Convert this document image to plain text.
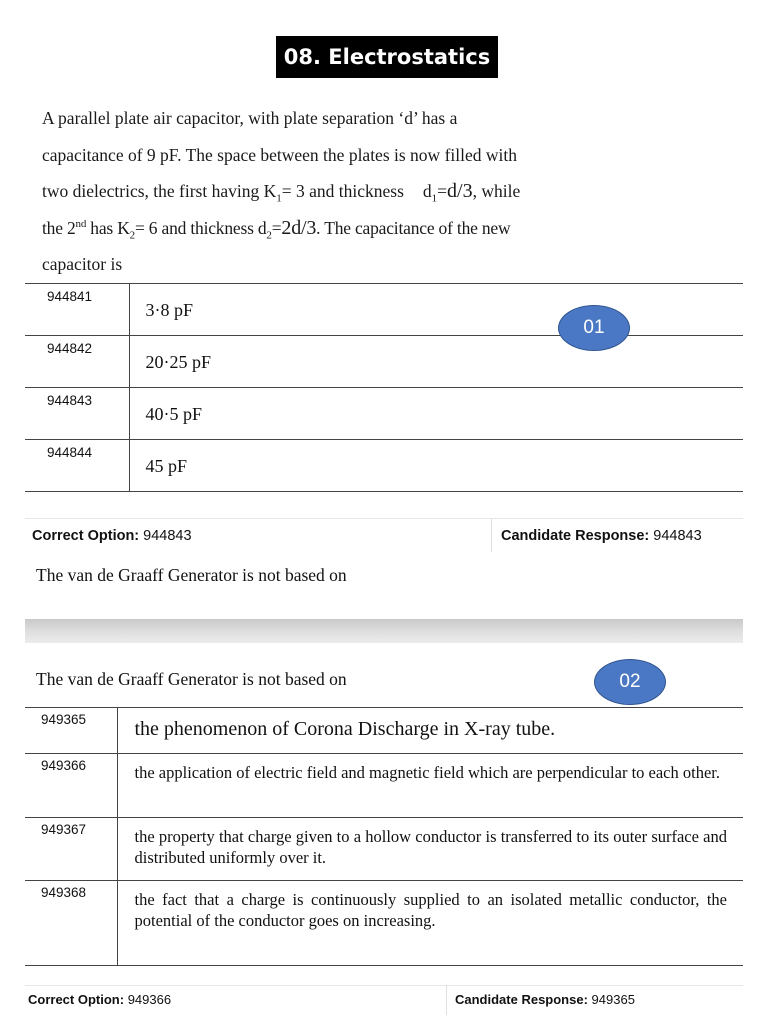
08. Electrostatics
A parallel plate air capacitor, with plate separation ‘d’ has a
capacitance of 9 pF. The space between the plates is now filled with
two dielectrics, the first having $K_1= 3$ and thickness $d_1=d/3$, while
the 2nd has $K_2= 6$ and thickness $d_2=2d/3$. The capacitance of the new
capacitor is
944841	3·8 pF
944842	20·25 pF
944843	40·5 pF
944844	45 pF
01
Correct Option: 944843	Candidate Response: 944843
The van de Graaff Generator is not based on
The van de Graaff Generator is not based on	02
949365	the phenomenon of Corona Discharge in X-ray tube.
949366	the application of electric field and magnetic field which are perpendicular to each other.
949367	the property that charge given to a hollow conductor is transferred to its outer surface and distributed uniformly over it.
949368	the fact that a charge is continuously supplied to an isolated metallic conductor, the potential of the conductor goes on increasing.
Correct Option: 949366	Candidate Response: 949365
